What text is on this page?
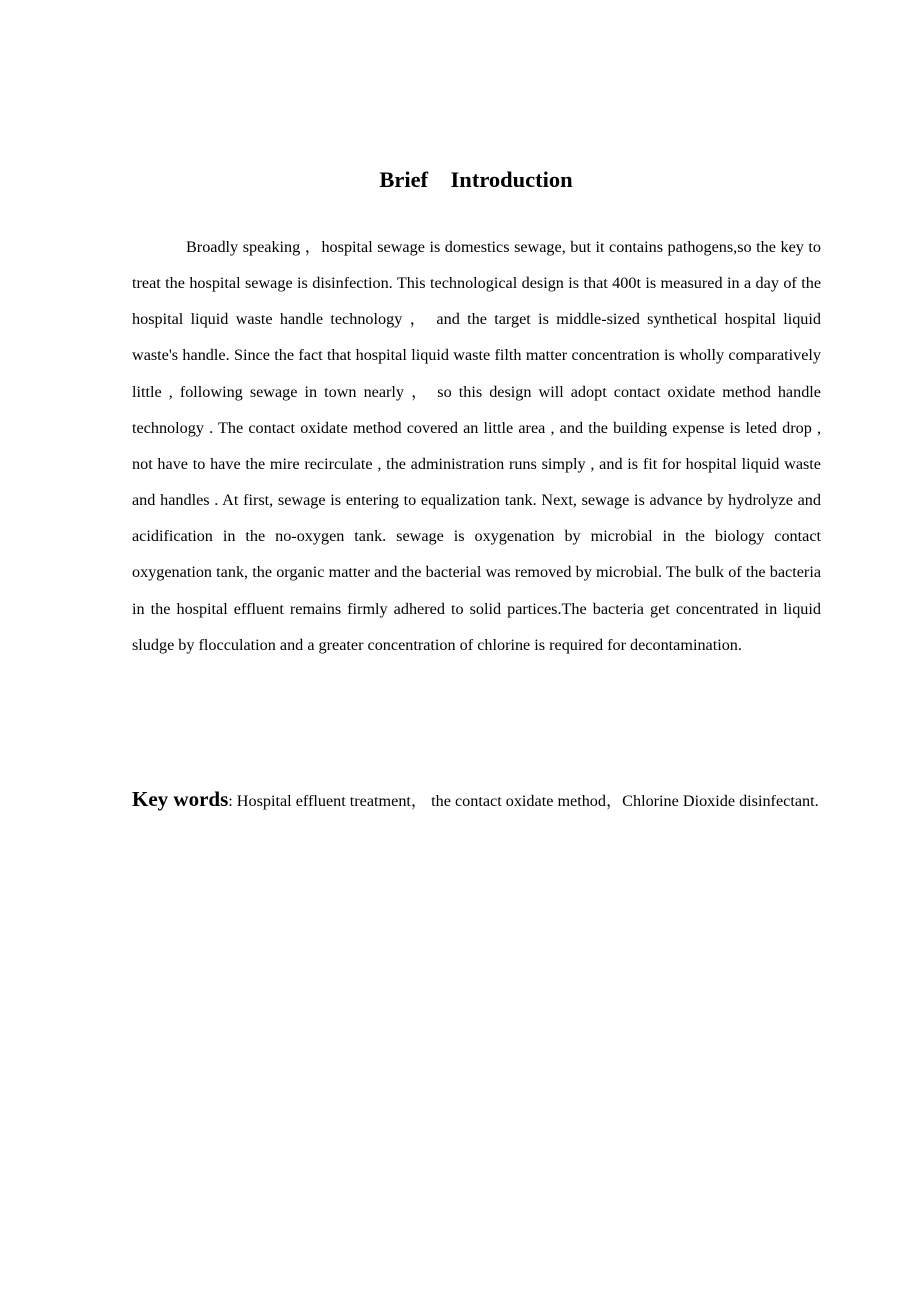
Brief    Introduction

Broadly speaking ，hospital sewage is domestics sewage, but it contains pathogens,so the key to treat the hospital sewage is disinfection. This technological design is that 400t is measured in a day of the hospital liquid waste handle technology ， and the target is middle-sized synthetical hospital liquid waste's handle. Since the fact that hospital liquid waste filth matter concentration is wholly comparatively little , following sewage in town nearly ， so this design will adopt contact oxidate method handle technology . The contact oxidate method covered an little area , and the building expense is leted drop , not have to have the mire recirculate , the administration runs simply , and is fit for hospital liquid waste and handles . At first, sewage is entering to equalization tank. Next, sewage is advance by hydrolyze and acidification in the no-oxygen tank. sewage is oxygenation by microbial in the biology contact oxygenation tank, the organic matter and the bacterial was removed by microbial. The bulk of the bacteria in the hospital effluent remains firmly adhered to solid partices.The bacteria get concentrated in liquid sludge by flocculation and a greater concentration of chlorine is required for decontamination.

Key words: Hospital effluent treatment， the contact oxidate method，Chlorine Dioxide disinfectant.
